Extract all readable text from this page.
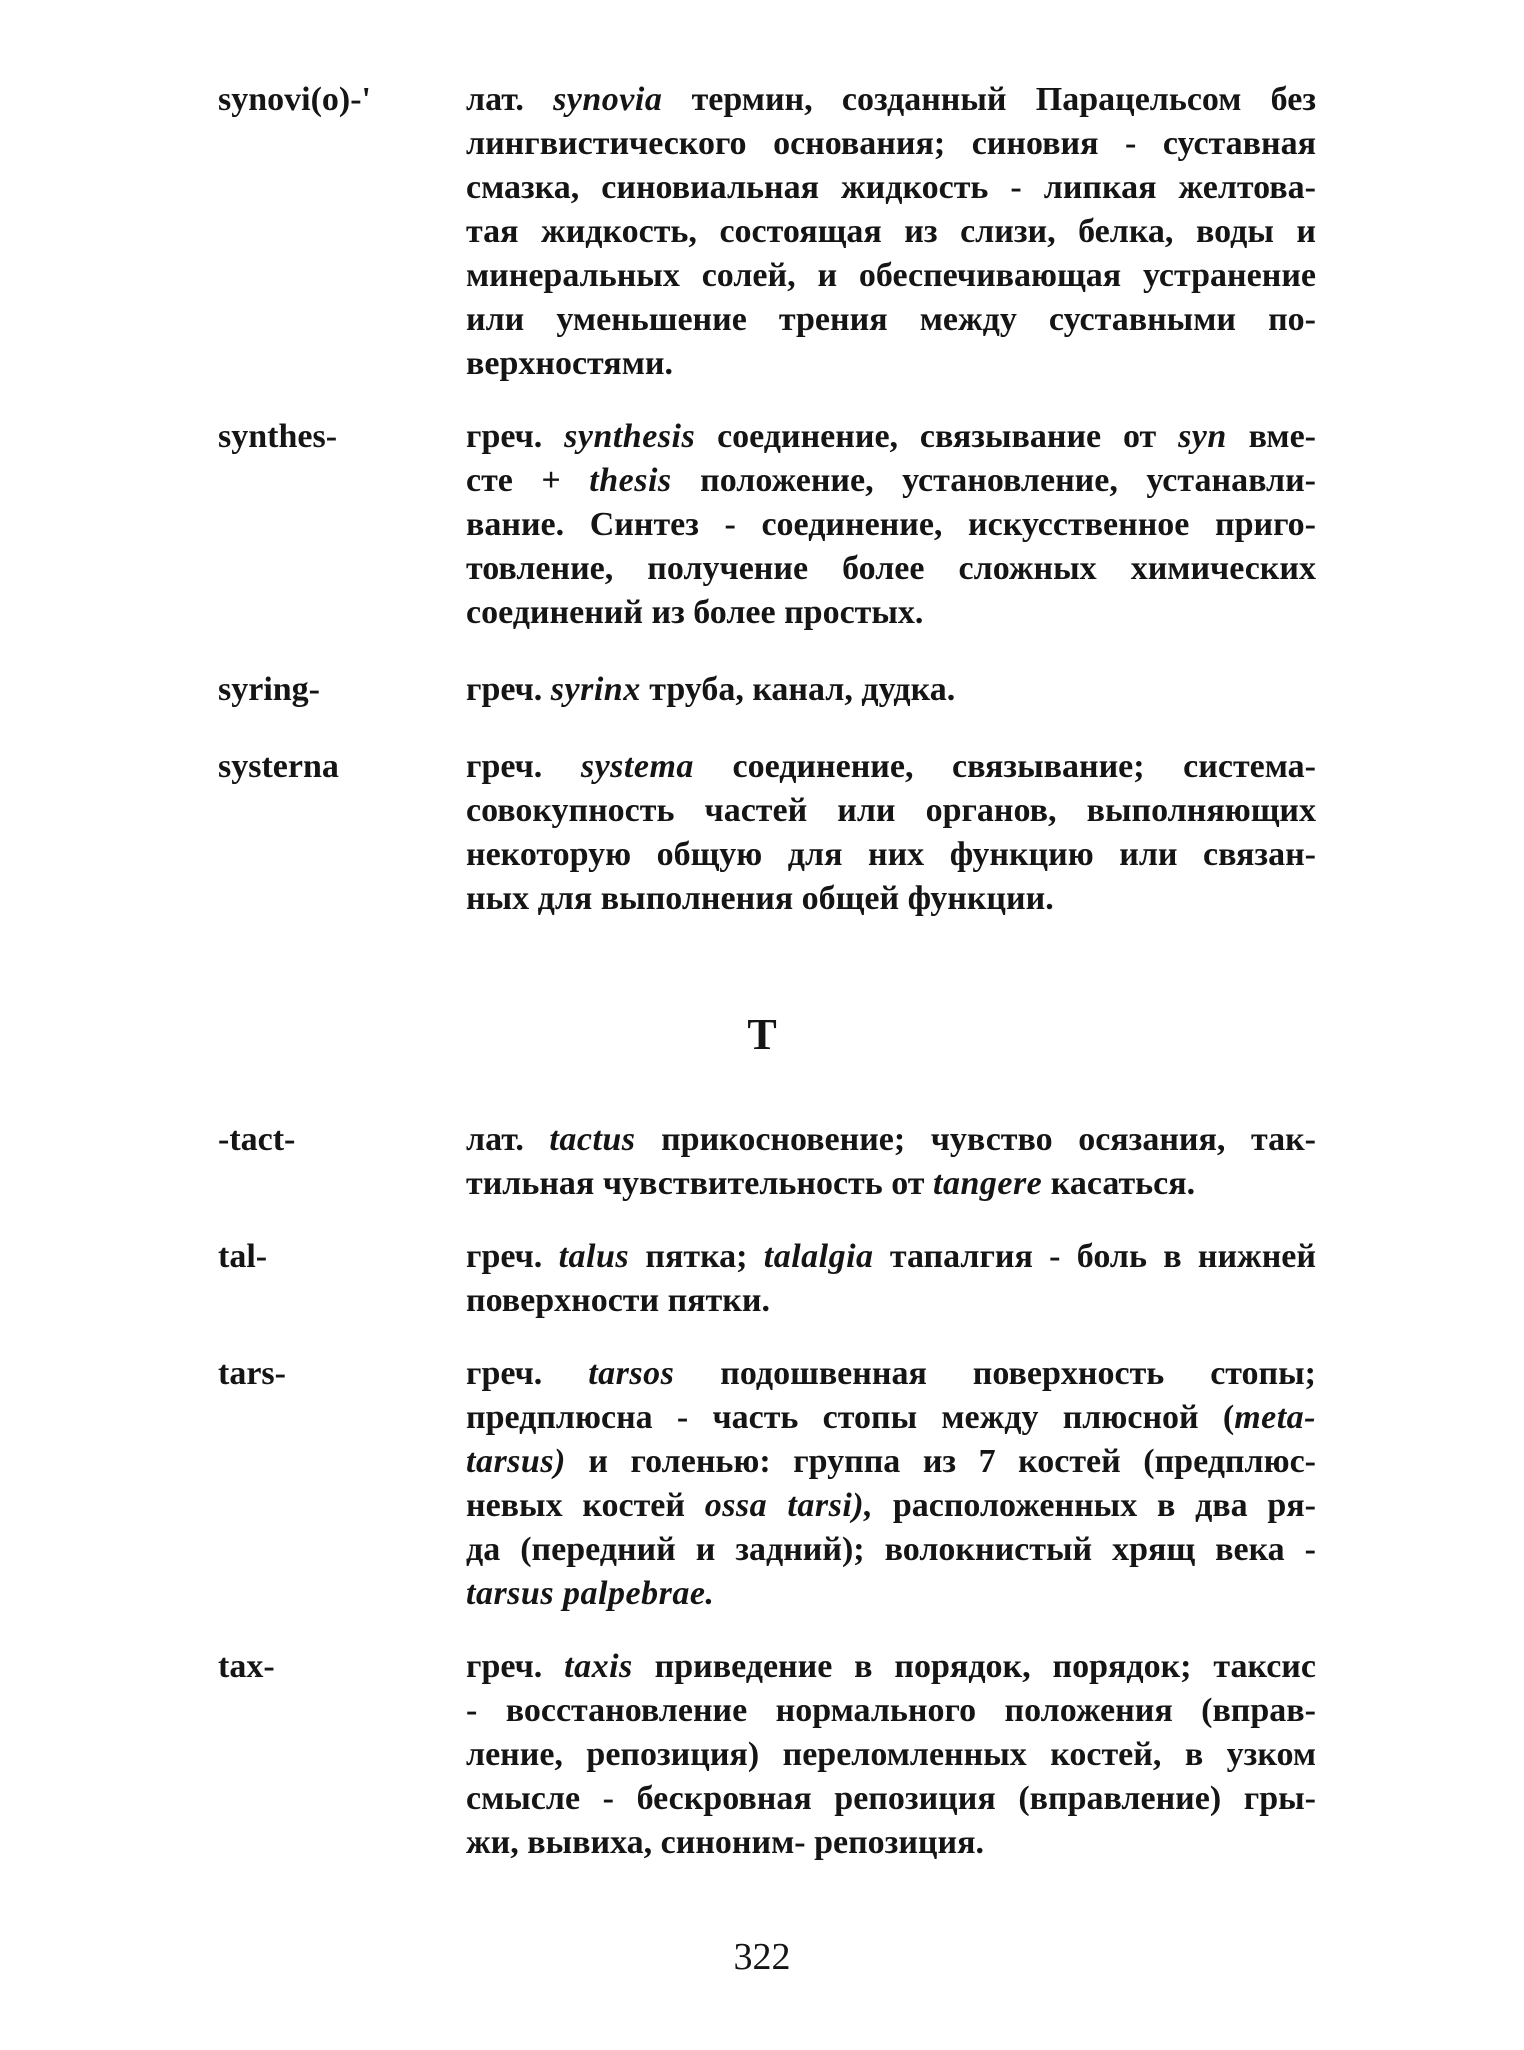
synovi(o)-'	лат. synovia термин, созданный Парацельсом без
лингвистического основания; синовия - суставная
смазка, синовиальная жидкость - липкая желтова-
тая жидкость, состоящая из слизи, белка, воды и
минеральных солей, и обеспечивающая устранение
или уменьшение трения между суставными по-
верхностями.
synthes-	греч. synthesis соединение, связывание от syn вме-
сте + thesis положение, установление, устанавли-
вание. Синтез - соединение, искусственное приго-
товление, получение более сложных химических
соединений из более простых.
syring-	греч. syrinx труба, канал, дудка.
systerna	греч. systema соединение, связывание; система-
совокупность частей или органов, выполняющих
некоторую общую для них функцию или связан-
ных для выполнения общей функции.
-tact-	лат. tactus прикосновение; чувство осязания, так-
тильная чувствительность от tangere касаться.
tal-	греч. talus пятка; talalgia тапалгия - боль в нижней
поверхности пятки.
tars-	греч. tarsos подошвенная поверхность стопы;
предплюсна - часть стопы между плюсной (meta-
tarsus) и голенью: группа из 7 костей (предплюс-
невых костей ossa tarsi), расположенных в два ря-
да (передний и задний); волокнистый хрящ века -
tarsus palpebrae.
tax-	греч. taxis приведение в порядок, порядок; таксис
- восстановление нормального положения (вправ-
ление, репозиция) переломленных костей, в узком
смысле - бескровная репозиция (вправление) гры-
жи, вывиха, синоним- репозиция.
T
322
